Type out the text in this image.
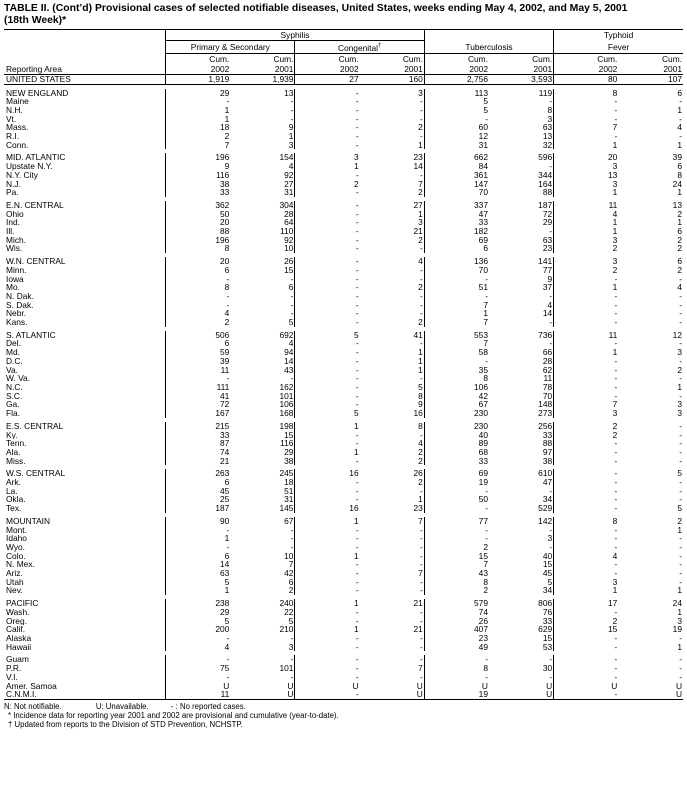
TABLE II. (Cont’d) Provisional cases of selected notifiable diseases, United States, weeks ending May 4, 2002, and May 5, 2001
(18th Week)*
	Syphilis						Typhoid	
	Primary & Secondary		Congenital†		Tuberculosis		Fever	
	Cum.	Cum.	Cum.	Cum.	Cum.	Cum.	Cum.	Cum.
Reporting Area	2002	2001	2002	2001	2002	2001	2002	2001
UNITED STATES	1,919	1,939	27	160	2,756	3,593	80	107

NEW ENGLAND	29	13	-	3	113	119	8	6
Maine	-	-	-	-	5	-	-	-
N.H.	1	-	-	-	5	8	-	1
Vt.	1	-	-	-	-	3	-	-
Mass.	18	9	-	2	60	63	7	4
R.I.	2	1	-	-	12	13	-	-
Conn.	7	3	-	1	31	32	1	1

MID. ATLANTIC	196	154	3	23	662	596	20	39
Upstate N.Y.	9	4	1	14	84	-	3	6
N.Y. City	116	92	-	-	361	344	13	8
N.J.	38	27	2	7	147	164	3	24
Pa.	33	31	-	2	70	88	1	1

E.N. CENTRAL	362	304	-	27	337	187	11	13
Ohio	50	28	-	1	47	72	4	2
Ind.	20	64	-	3	33	29	1	1
Ill.	88	110	-	21	182	-	1	6
Mich.	196	92	-	2	69	63	3	2
Wis.	8	10	-	-	6	23	2	2

W.N. CENTRAL	20	26	-	4	136	141	3	6
Minn.	6	15	-	-	70	77	2	2
Iowa	-	-	-	-	-	9	-	-
Mo.	8	6	-	2	51	37	1	4
N. Dak.	-	-	-	-	-	-	-	-
S. Dak.	-	-	-	-	7	4	-	-
Nebr.	4	-	-	-	1	14	-	-
Kans.	2	5	-	2	7	-	-	-

S. ATLANTIC	506	692	5	41	553	736	11	12
Del.	6	4	-	-	7	-	-	-
Md.	59	94	-	1	58	66	1	3
D.C.	39	14	-	1	-	28	-	-
Va.	11	43	-	1	35	62	-	2
W. Va.	-	-	-	-	8	11	-	-
N.C.	111	162	-	5	106	78	-	1
S.C.	41	101	-	8	42	70	-	-
Ga.	72	106	-	9	67	148	7	3
Fla.	167	168	5	16	230	273	3	3

E.S. CENTRAL	215	198	1	8	230	256	2	-
Ky.	33	15	-	-	40	33	2	-
Tenn.	87	116	-	4	89	88	-	-
Ala.	74	29	1	2	68	97	-	-
Miss.	21	38	-	2	33	38	-	-

W.S. CENTRAL	263	245	16	26	69	610	-	5
Ark.	6	18	-	2	19	47	-	-
La.	45	51	-	-	-	-	-	-
Okla.	25	31	-	1	50	34	-	-
Tex.	187	145	16	23	-	529	-	5

MOUNTAIN	90	67	1	7	77	142	8	2
Mont.	-	-	-	-	-	-	-	1
Idaho	1	-	-	-	-	3	-	-
Wyo.	-	-	-	-	2	-	-	-
Colo.	6	10	1	-	15	40	4	-
N. Mex.	14	7	-	-	7	15	-	-
Ariz.	63	42	-	7	43	45	-	-
Utah	5	6	-	-	8	5	3	-
Nev.	1	2	-	-	2	34	1	1

PACIFIC	238	240	1	21	579	806	17	24
Wash.	29	22	-	-	74	76	-	1
Oreg.	5	5	-	-	26	33	2	3
Calif.	200	210	1	21	407	629	15	19
Alaska	-	-	-	-	23	15	-	-
Hawaii	4	3	-	-	49	53	-	1

Guam	-	-	-	-	-	-	-	-
P.R.	75	101	-	7	8	30	-	-
V.I.	-	-	-	-	-	-	-	-
Amer. Samoa	U	U	U	U	U	U	U	U
C.N.M.I.	11	U	-	U	19	U	-	U
N: Not notifiable.	U: Unavailable.	- : No reported cases.
* Incidence data for reporting year 2001 and 2002 are provisional and cumulative (year-to-date).
† Updated from reports to the Division of STD Prevention, NCHSTP.
